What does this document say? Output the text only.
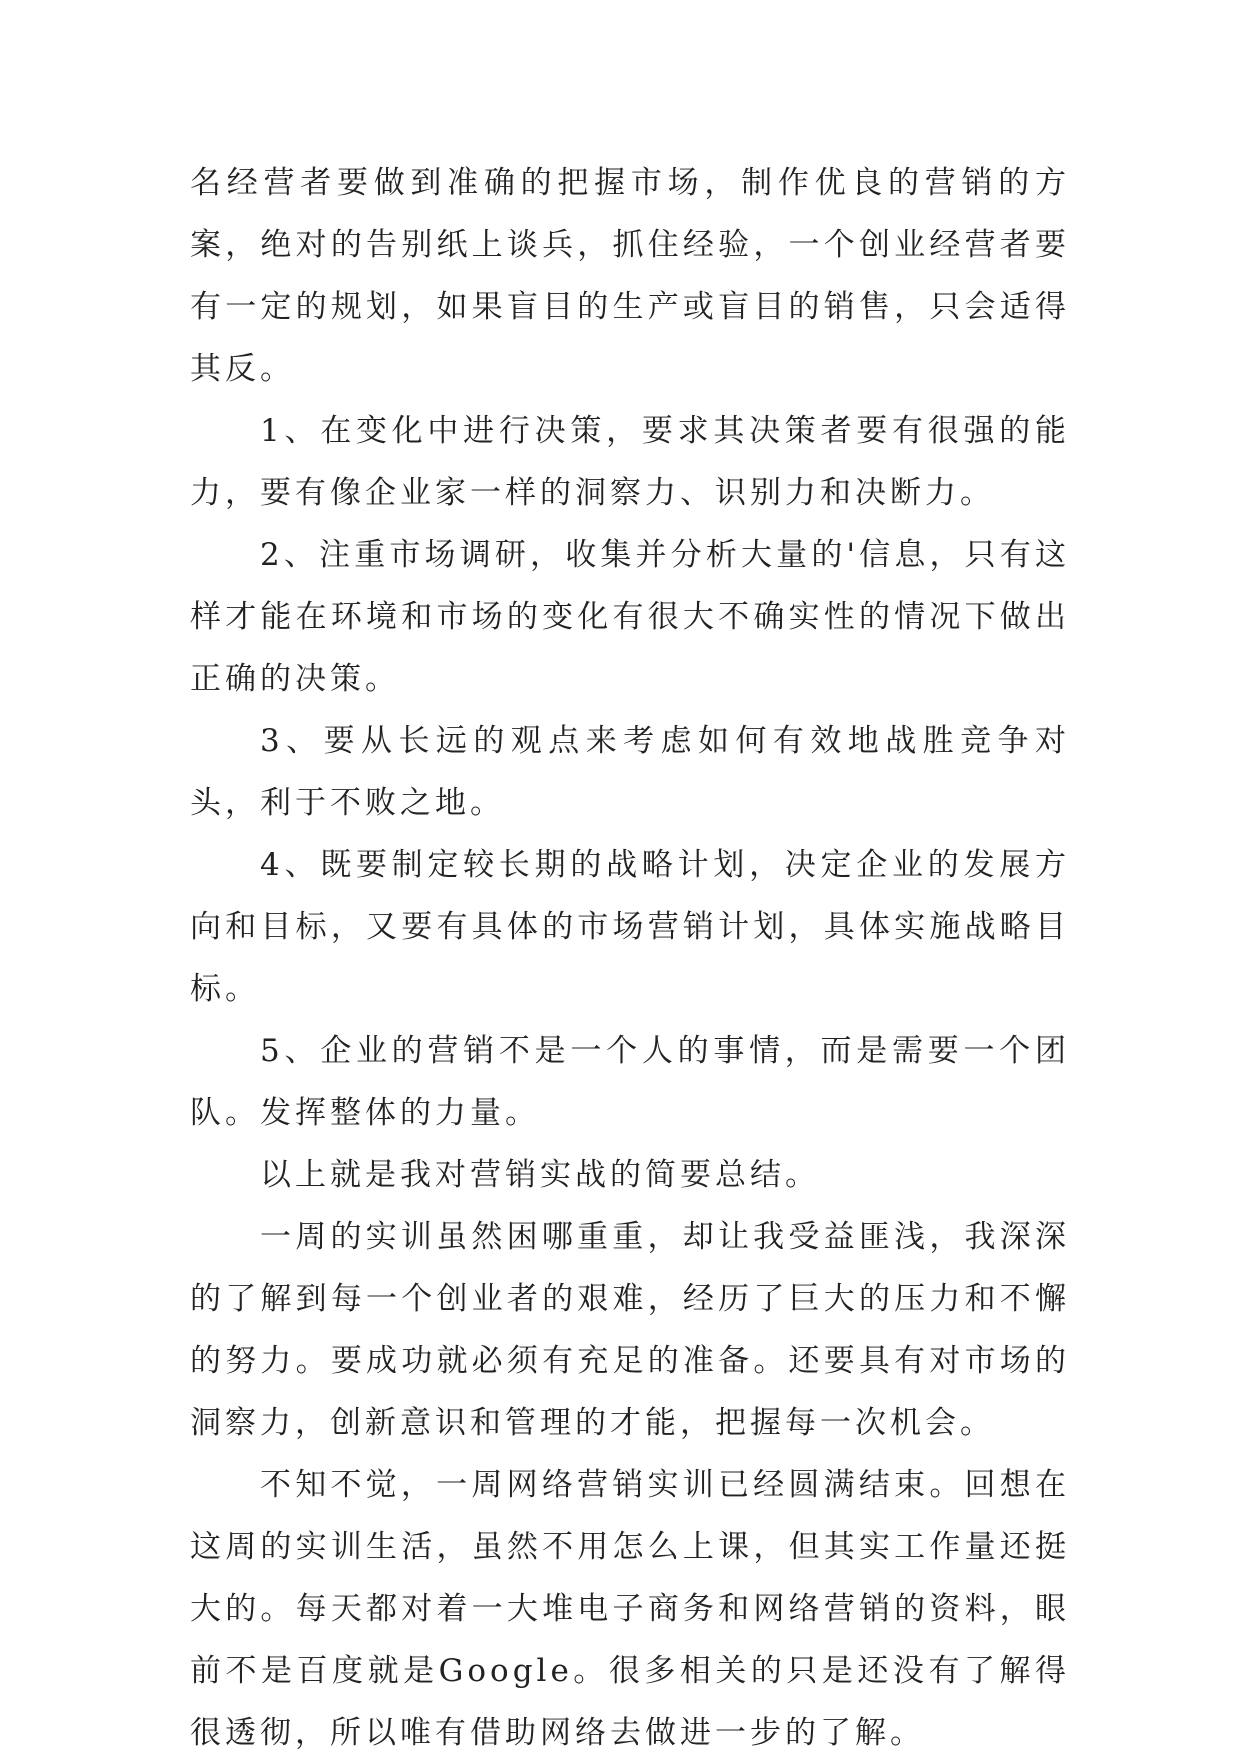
名经营者要做到准确的把握市场，制作优良的营销的方案，绝对的告别纸上谈兵，抓住经验，一个创业经营者要有一定的规划，如果盲目的生产或盲目的销售，只会适得其反。

1、在变化中进行决策，要求其决策者要有很强的能力，要有像企业家一样的洞察力、识别力和决断力。

2、注重市场调研，收集并分析大量的'信息，只有这样才能在环境和市场的变化有很大不确实性的情况下做出正确的决策。

3、要从长远的观点来考虑如何有效地战胜竞争对头，利于不败之地。

4、既要制定较长期的战略计划，决定企业的发展方向和目标，又要有具体的市场营销计划，具体实施战略目标。

5、企业的营销不是一个人的事情，而是需要一个团队。发挥整体的力量。

以上就是我对营销实战的简要总结。

一周的实训虽然困哪重重，却让我受益匪浅，我深深的了解到每一个创业者的艰难，经历了巨大的压力和不懈的努力。要成功就必须有充足的准备。还要具有对市场的洞察力，创新意识和管理的才能，把握每一次机会。

不知不觉，一周网络营销实训已经圆满结束。回想在这周的实训生活，虽然不用怎么上课，但其实工作量还挺大的。每天都对着一大堆电子商务和网络营销的资料，眼前不是百度就是Google。很多相关的只是还没有了解得很透彻，所以唯有借助网络去做进一步的了解。
